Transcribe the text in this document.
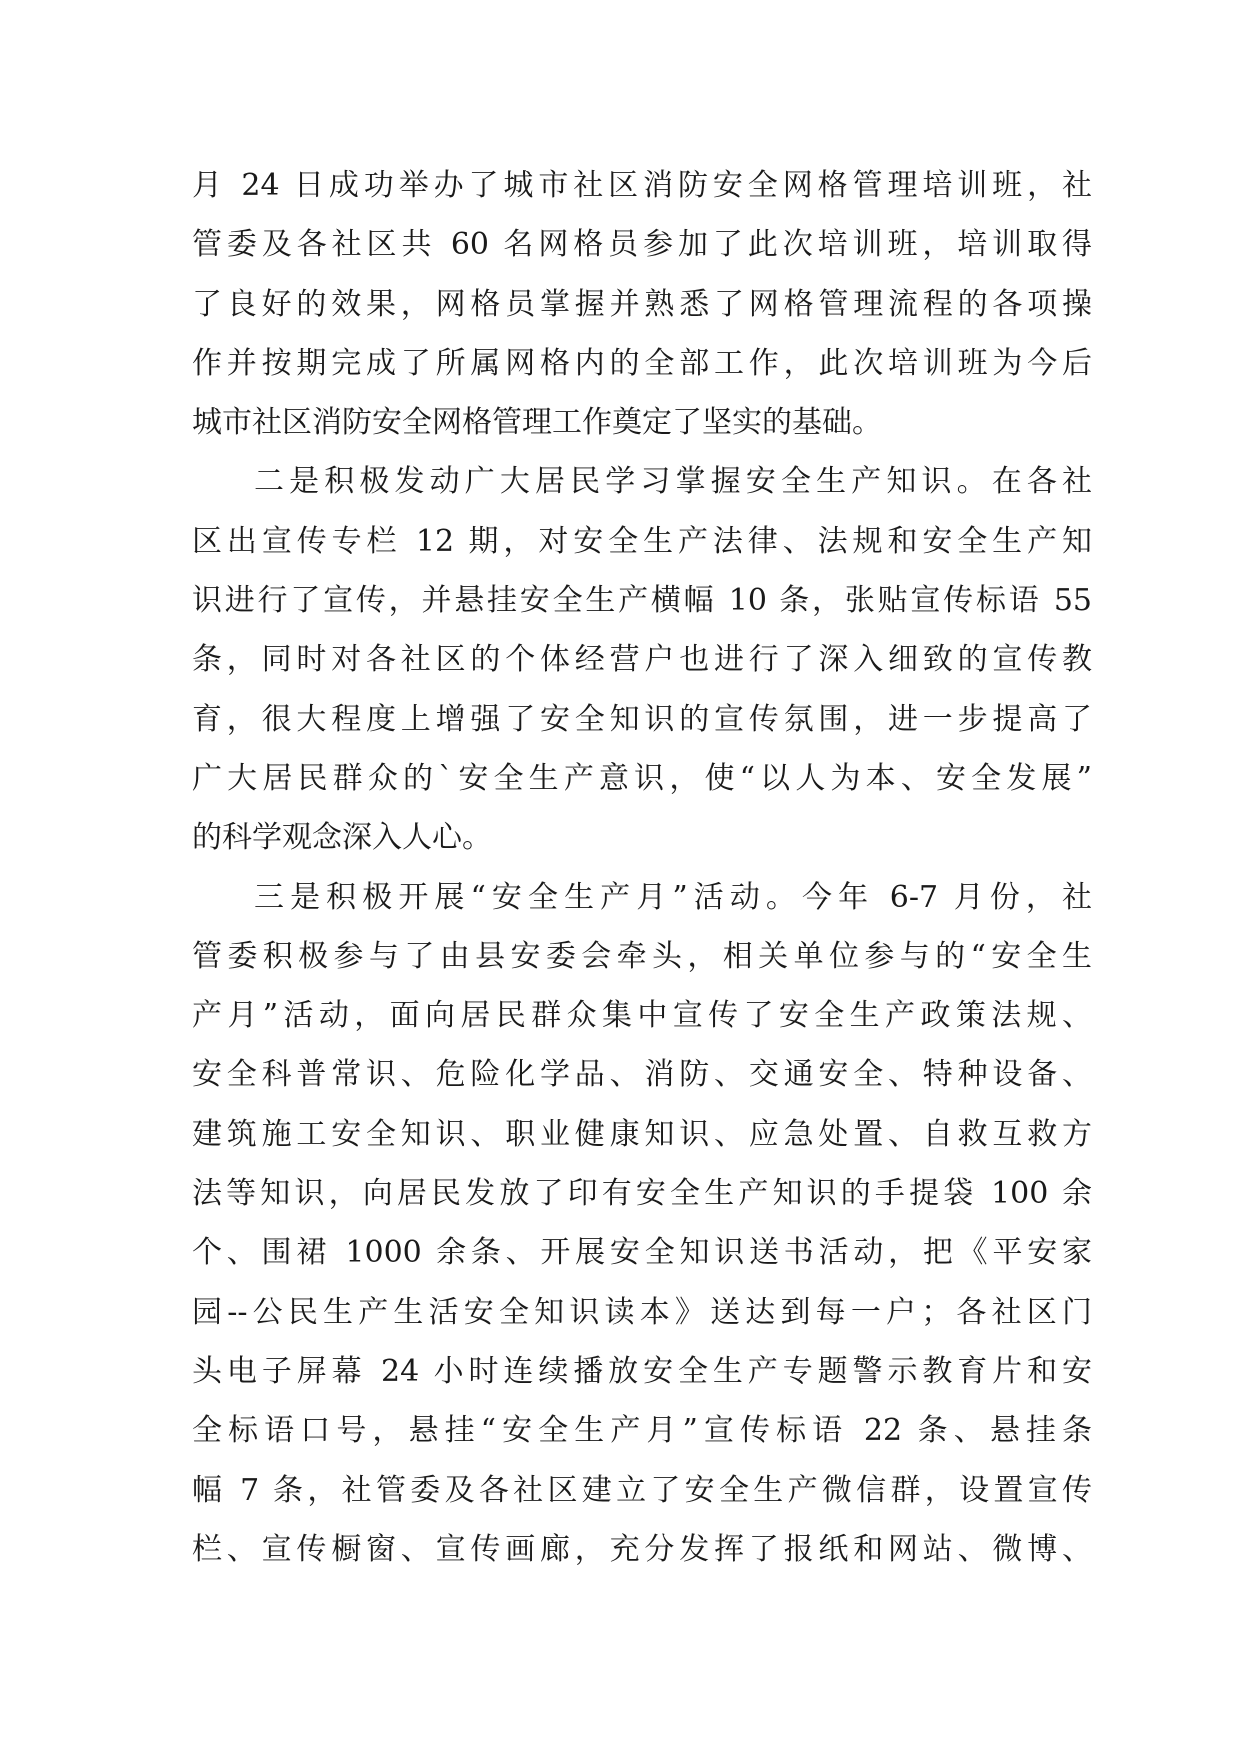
月 24 日成功举办了城市社区消防安全网格管理培训班，社
管委及各社区共 60 名网格员参加了此次培训班，培训取得
了良好的效果，网格员掌握并熟悉了网格管理流程的各项操
作并按期完成了所属网格内的全部工作，此次培训班为今后
城市社区消防安全网格管理工作奠定了坚实的基础。
二是积极发动广大居民学习掌握安全生产知识。在各社
区出宣传专栏 12 期，对安全生产法律、法规和安全生产知
识进行了宣传，并悬挂安全生产横幅 10 条，张贴宣传标语 55
条，同时对各社区的个体经营户也进行了深入细致的宣传教
育，很大程度上增强了安全知识的宣传氛围，进一步提高了
广大居民群众的`安全生产意识，使“以人为本、安全发展”
的科学观念深入人心。
三是积极开展“安全生产月”活动。今年 6-7 月份，社
管委积极参与了由县安委会牵头，相关单位参与的“安全生
产月”活动，面向居民群众集中宣传了安全生产政策法规、
安全科普常识、危险化学品、消防、交通安全、特种设备、
建筑施工安全知识、职业健康知识、应急处置、自救互救方
法等知识，向居民发放了印有安全生产知识的手提袋 100 余
个、围裙 1000 余条、开展安全知识送书活动，把《平安家
园--公民生产生活安全知识读本》送达到每一户；各社区门
头电子屏幕 24 小时连续播放安全生产专题警示教育片和安
全标语口号，悬挂“安全生产月”宣传标语 22 条、悬挂条
幅 7 条，社管委及各社区建立了安全生产微信群，设置宣传
栏、宣传橱窗、宣传画廊，充分发挥了报纸和网站、微博、
